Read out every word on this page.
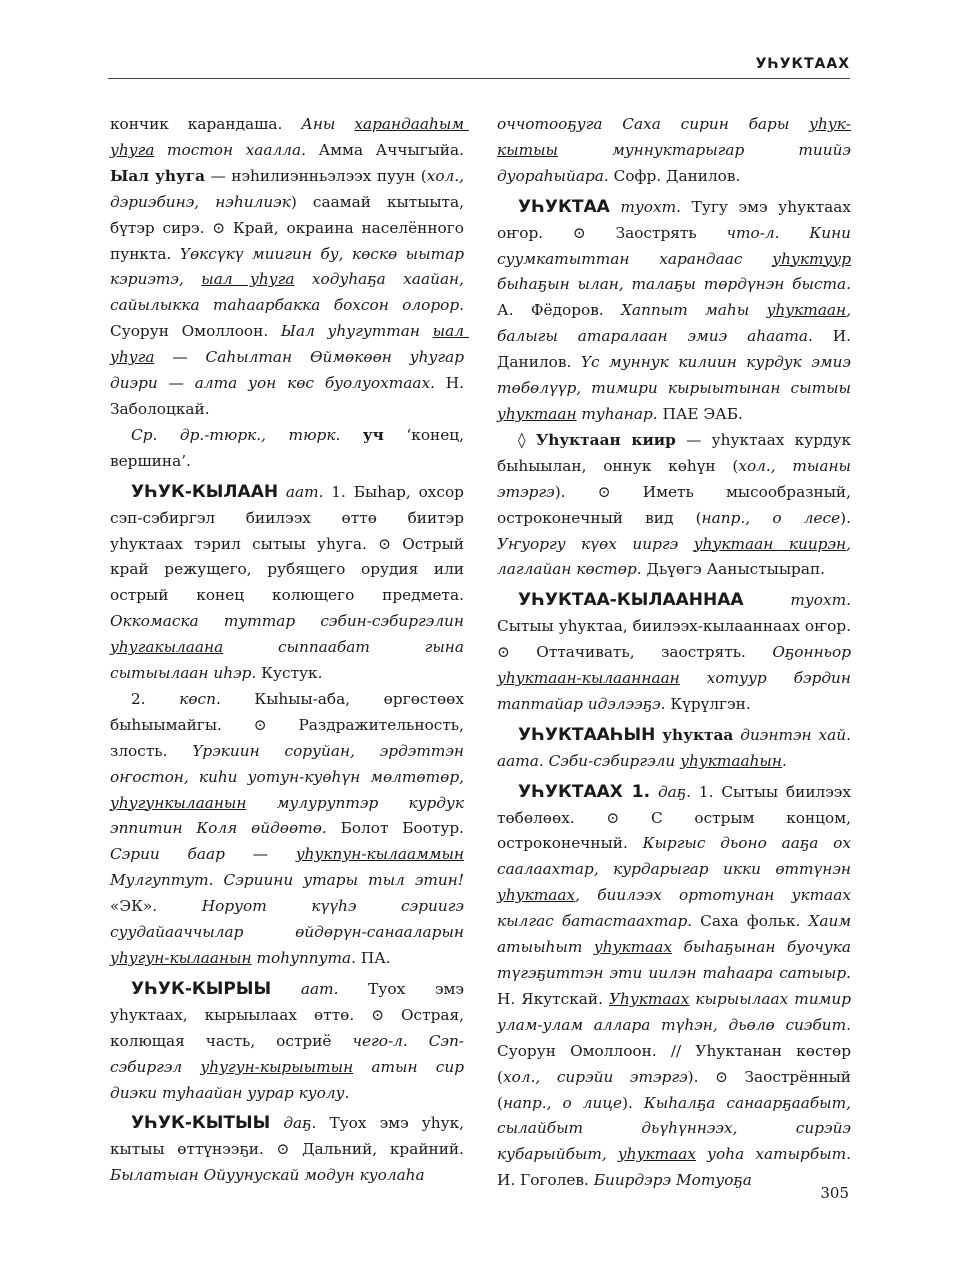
УҺУКТААХ

кончик карандаша. Аны харандааһым уһуга тостон хаалла. Амма Аччыгыйа. Ыал уһуга — нэһилиэнньэлээх пуун (хол., дэриэбинэ, нэһилиэк) саамай кытыыта, бүтэр сирэ. ⊙ Край, окраина населённого пункта. Үөксүкү миигин бу, көскө ыытар кэриэтэ, ыал уһуга ходуһаҕа хаайан, сайылыкка таһаарбакка бохсон олорор. Суорун Омоллоон. Ыал уһугуттан ыал уһуга — Саһылтан Өймөкөөн уһугар диэри — алта уон көс буолуохтаах. Н. Заболоцкай.

Ср. др.-тюрк., тюрк. уч ‘конец, вершина’.

УҺУК-КЫЛААН аат. 1. Быһар, охсор сэп-сэбиргэл биилээх өттө биитэр уһуктаах тэрил сытыы уһуга. ⊙ Острый край режущего, рубящего орудия или острый конец колющего предмета. Оккомаска туттар сэбин-сэбиргэлин уһугакылаана сыппаабат гына сытыылаан иһэр. Кустук.

2. көсп. Кыһыы-аба, өргөстөөх быһыымайгы. ⊙ Раздражительность, злость. Үрэкиин соруйан, эрдэттэн оҥостон, киһи уотун-куөһүн мөлтөтөр, уһугункылаанын мулуруптэр курдук эппитин Коля өйдөөтө. Болот Боотур. Сэрии баар — уһукпун-кылааммын Мулгуптут. Сэриини утары тыл этин! «ЭК». Норуот күүһэ сэриигэ суудайааччылар өйдөрүн-санааларын уһугун-кылаанын тоһуппута. ПА.

УҺУК-КЫРЫЫ аат. Туох эмэ уһуктаах, кырыылаах өттө. ⊙ Острая, колющая часть, остриё чего-л. Сэп-сэбиргэл уһугун-кырыытын атын сир диэки туһаайан уурар куолу.

УҺУК-КЫТЫЫ даҕ. Туох эмэ уһук, кытыы өттүнээҕи. ⊙ Дальний, крайний. Былатыан Ойуунускай модун куолаһа

оччотооҕуга Саха сирин бары уһук-кытыы муннуктарыгар тиийэ дуораһыйара. Софр. Данилов.

УҺУКТАА туохт. Тугу эмэ уһуктаах оҥор. ⊙ Заострять что-л. Кини суумкатыттан харандаас уһуктуур быһаҕын ылан, талаҕы төрдүнэн быста. А. Фёдоров. Хаппыт маһы уһуктаан, балыгы атаралаан эмиэ аһаата. И. Данилов. Үс муннук килиин курдук эмиэ төбөлүүр, тимири кырыытынан сытыы уһуктаан туһанар. ПАЕ ЭАБ.

◊ Уһуктаан киир — уһуктаах курдук быһыылан, оннук көһүн (хол., тыаны этэргэ). ⊙ Иметь мысообразный, остроконечный вид (напр., о лесе). Уҥуоргу күөх ииргэ уһуктаан киирэн, лаглайан көстөр. Дьүөгэ Ааныстыырап.

УҺУКТАА-КЫЛААННАА	туохт. Сытыы уһуктаа, биилээх-кылааннаах оҥор. ⊙ Оттачивать, заострять. Оҕонньор уһуктаан-кылааннаан хотуур бэрдин таптайар идэлээҕэ. Күрүлгэн.

УҺУКТААҺЫН уһуктаа диэнтэн хай. аата. Сэби-сэбиргэли уһуктааһын.

УҺУКТААХ 1. даҕ. 1. Сытыы биилээх төбөлөөх. ⊙ С острым концом, остроконечный. Кыргыс дьоно ааҕа ох саалаахтар, курдарыгар икки өттүнэн уһуктаах, биилээх ортотунан уктаах кылгас батастаахтар. Саха фольк. Хаим атыыһыт уһуктаах быһаҕынан буочука түгэҕиттэн эти иилэн таһаара сатыыр. Н. Якутскай. Уһуктаах кырыылаах тимир улам-улам аллара түһэн, дьөлө сиэбит. Суорун Омоллоон. // Уһуктанан көстөр (хол., сирэйи этэргэ). ⊙ Заострённый (напр., о лице). Кыһалҕа санаарҕаабыт, сылайбыт дьүһүннээх, сирэйэ кубарыйбыт, уһуктаах уоһа хатырбыт. И. Гоголев. Биирдэрэ Мотуоҕа

305
